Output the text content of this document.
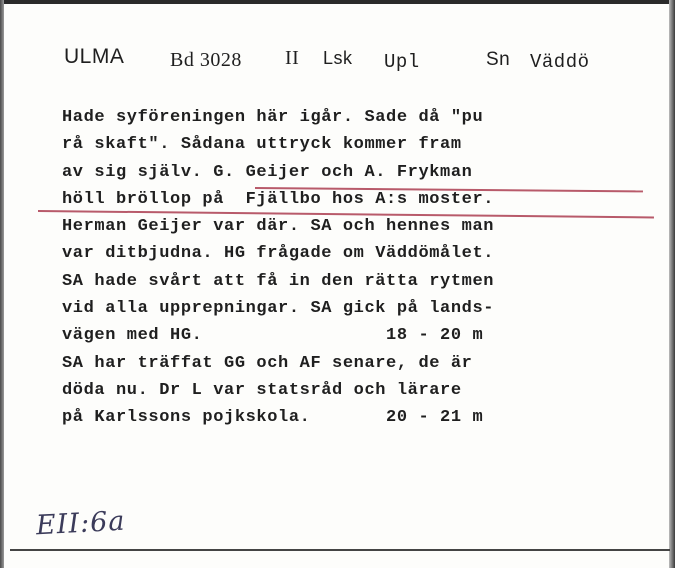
ULMA Bd 3028 II Lsk Upl	Sn Väddö
Hade syföreningen här igår. Sade då "pu
rå skaft". Sådana uttryck kommer fram
av sig själv. G. Geijer och A. Frykman
höll bröllop på  Fjällbo hos A:s moster.
Herman Geijer var där. SA och hennes man
var ditbjudna. HG frågade om Väddömålet.
SA hade svårt att få in den rätta rytmen
vid alla upprepningar. SA gick på lands-
vägen med HG.                 18 - 20 m
SA har träffat GG och AF senare, de är
döda nu. Dr L var statsråd och lärare
på Karlssons pojkskola.       20 - 21 m
EII:6a
